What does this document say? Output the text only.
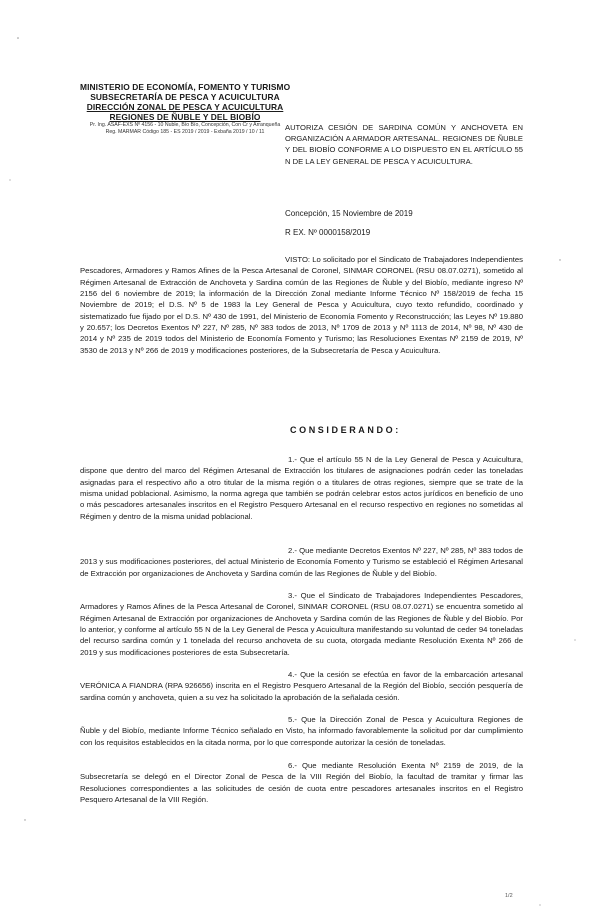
MINISTERIO DE ECONOMÍA, FOMENTO Y TURISMO
SUBSECRETARÍA DE PESCA Y ACUICULTURA
DIRECCIÓN ZONAL DE PESCA Y ACUICULTURA
REGIONES DE ÑUBLE Y DEL BIOBÍO
Pr. Ing. ASAF-EXS Nº 4156 - 10 Ñuble, Bío Bío, Concepción, Con Cr y Arranqueña
Reg. MARMAR Código 185 - ES 2019 / 2019 - Exbaña 2019 / 10 / 11	AUTORIZA CESIÓN DE SARDINA COMÚN Y ANCHOVETA EN ORGANIZACIÓN A ARMADOR ARTESANAL. REGIONES DE ÑUBLE Y DEL BIOBÍO CONFORME A LO DISPUESTO EN EL ARTÍCULO 55 N DE LA LEY GENERAL DE PESCA Y ACUICULTURA.
Concepción, 15 Noviembre de 2019
R EX. Nº 0000158/2019
VISTO: Lo solicitado por el Sindicato de Trabajadores Independientes Pescadores, Armadores y Ramos Afines de la Pesca Artesanal de Coronel, SINMAR CORONEL (RSU 08.07.0271), sometido al Régimen Artesanal de Extracción de Anchoveta y Sardina común de las Regiones de Ñuble y del Biobío, mediante ingreso Nº 2156 del 6 noviembre de 2019; la información de la Dirección Zonal mediante Informe Técnico Nº 158/2019 de fecha 15 Noviembre de 2019; el D.S. Nº 5 de 1983 la Ley General de Pesca y Acuicultura, cuyo texto refundido, coordinado y sistematizado fue fijado por el D.S. Nº 430 de 1991, del Ministerio de Economía Fomento y Reconstrucción; las Leyes Nº 19.880 y 20.657; los Decretos Exentos Nº 227, Nº 285, Nº 383 todos de 2013, Nº 1709 de 2013 y Nº 1113 de 2014, Nº 98, Nº 430 de 2014 y Nº 235 de 2019 todos del Ministerio de Economía Fomento y Turismo; las Resoluciones Exentas Nº 2159 de 2019, Nº 3530 de 2013 y Nº 266 de 2019 y modificaciones posteriores, de la Subsecretaría de Pesca y Acuicultura.
CONSIDERANDO:
1.- Que el artículo 55 N de la Ley General de Pesca y Acuicultura, dispone que dentro del marco del Régimen Artesanal de Extracción los titulares de asignaciones podrán ceder las toneladas asignadas para el respectivo año a otro titular de la misma región o a titulares de otras regiones, siempre que se trate de la misma unidad poblacional. Asimismo, la norma agrega que también se podrán celebrar estos actos jurídicos en beneficio de uno o más pescadores artesanales inscritos en el Registro Pesquero Artesanal en el recurso respectivo en regiones no sometidas al Régimen y dentro de la misma unidad poblacional.
2.- Que mediante Decretos Exentos Nº 227, Nº 285, Nº 383 todos de 2013 y sus modificaciones posteriores, del actual Ministerio de Economía Fomento y Turismo se estableció el Régimen Artesanal de Extracción por organizaciones de Anchoveta y Sardina común de las Regiones de Ñuble y del Biobío.
3.- Que el Sindicato de Trabajadores Independientes Pescadores, Armadores y Ramos Afines de la Pesca Artesanal de Coronel, SINMAR CORONEL (RSU 08.07.0271) se encuentra sometido al Régimen Artesanal de Extracción por organizaciones de Anchoveta y Sardina común de las Regiones de Ñuble y del Biobío. Por lo anterior, y conforme al artículo 55 N de la Ley General de Pesca y Acuicultura manifestando su voluntad de ceder 94 toneladas del recurso sardina común y 1 tonelada del recurso anchoveta de su cuota, otorgada mediante Resolución Exenta Nº 266 de 2019 y sus modificaciones posteriores de esta Subsecretaría.
4.- Que la cesión se efectúa en favor de la embarcación artesanal VERÓNICA A FIANDRA (RPA 926656) inscrita en el Registro Pesquero Artesanal de la Región del Biobío, sección pesquería de sardina común y anchoveta, quien a su vez ha solicitado la aprobación de la señalada cesión.
5.- Que la Dirección Zonal de Pesca y Acuicultura Regiones de Ñuble y del Biobío, mediante Informe Técnico señalado en Visto, ha informado favorablemente la solicitud por dar cumplimiento con los requisitos establecidos en la citada norma, por lo que corresponde autorizar la cesión de toneladas.
6.- Que mediante Resolución Exenta Nº 2159 de 2019, de la Subsecretaría se delegó en el Director Zonal de Pesca de la VIII Región del Biobío, la facultad de tramitar y firmar las Resoluciones correspondientes a las solicitudes de cesión de cuota entre pescadores artesanales inscritos en el Registro Pesquero Artesanal de la VIII Región.
1/2
